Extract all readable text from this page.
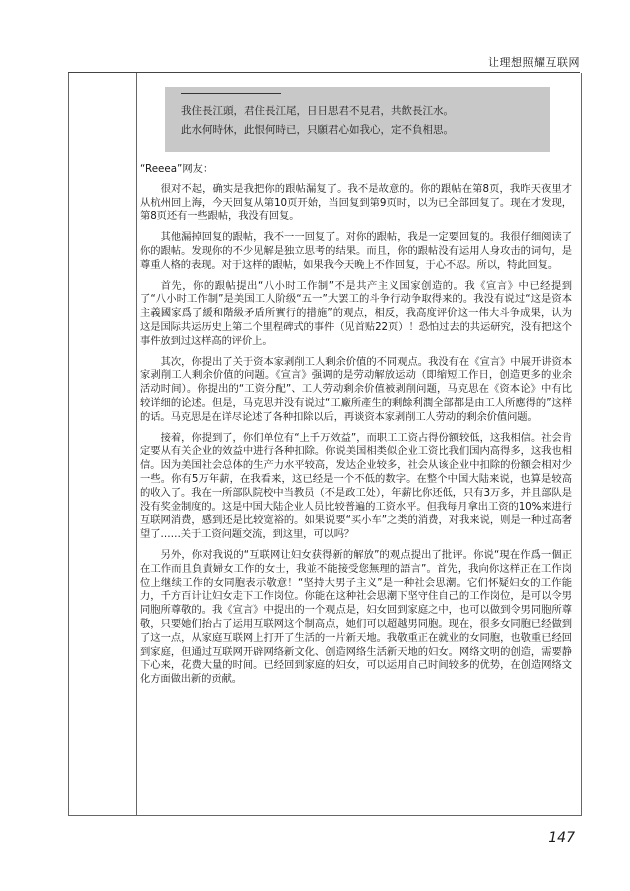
让理想照耀互联网
我住長江頭，君住長江尾，日日思君不見君，共飲長江水。
此水何時休，此恨何時已，只願君心如我心，定不負相思。
“Reeea”网友：

很对不起，确实是我把你的跟帖漏复了。我不是故意的。你的跟帖在第8页，我昨天夜里才从杭州回上海，今天回复从第10页开始，当回复到第9页时，以为已全部回复了。现在才发现，第8页还有一些跟帖，我没有回复。

其他漏掉回复的跟帖，我不一一回复了。对你的跟帖，我是一定要回复的。我很仔细阅读了你的跟帖。发现你的不少见解是独立思考的结果。而且，你的跟帖没有运用人身攻击的词句，是尊重人格的表现。对于这样的跟帖，如果我今天晚上不作回复，于心不忍。所以，特此回复。

首先，你的跟帖提出“八小时工作制”不是共产主义国家创造的。我《宣言》中已经提到了“八小时工作制”是美国工人阶级“五一”大罢工的斗争行动争取得来的。我没有说过“这是资本主義國家爲了緩和階級矛盾所實行的措施”的观点，相反，我高度评价这一伟大斗争成果，认为这是国际共运历史上第二个里程碑式的事件（见首贴22页）！恐怕过去的共运研究，没有把这个事件放到过这样高的评价上。

其次，你提出了关于资本家剥削工人剩余价值的不同观点。我没有在《宣言》中展开讲资本家剥削工人剩余价值的问题。《宣言》强调的是劳动解放运动（即缩短工作日，创造更多的业余活动时间）。你提出的“工资分配”、工人劳动剩余价值被剥削问题，马克思在《资本论》中有比较详细的论述。但是，马克思并没有说过“工廠所產生的剩餘利潤全部都是由工人所應得的”这样的话。马克思是在详尽论述了各种扣除以后，再谈资本家剥削工人劳动的剩余价值问题。

接着，你提到了，你们单位有“上千万效益”，而职工工资占得份额较低，这我相信。社会肯定要从有关企业的效益中进行各种扣除。你说美国相类似企业工资比我们国内高得多，这我也相信。因为美国社会总体的生产力水平较高，发达企业较多，社会从该企业中扣除的份额会相对少一些。你有5万年薪，在我看来，这已经是一个不低的数字。在整个中国大陆来说，也算是较高的收入了。我在一所部队院校中当教员（不是政工处），年薪比你还低，只有3万多，并且部队是没有奖金制度的。这是中国大陆企业人员比较普遍的工资水平。但我每月拿出工资的10%来进行互联网消费，感到还是比较宽裕的。如果说要“买小车”之类的消费，对我来说，则是一种过高奢望了……关于工资问题交流，到这里，可以吗？

另外，你对我说的“互联网让妇女获得新的解放”的观点提出了批评。你说“現在作爲一個正在工作而且負責婦女工作的女士，我並不能接受您無理的語言”。首先，我向你这样正在工作岗位上继续工作的女同胞表示敬意！“坚持大男子主义”是一种社会思潮。它们怀疑妇女的工作能力，千方百计让妇女走下工作岗位。你能在这种社会思潮下坚守住自己的工作岗位，是可以令男同胞所尊敬的。我《宣言》中提出的一个观点是，妇女回到家庭之中，也可以做到令男同胞所尊敬，只要她们抬占了运用互联网这个制高点，她们可以超越男同胞。现在，很多女同胞已经做到了这一点，从家庭互联网上打开了生活的一片新天地。我敬重正在就业的女同胞，也敬重已经回到家庭，但通过互联网开辟网络新文化、创造网络生活新天地的妇女。网络文明的创造，需要静下心来，花费大量的时间。已经回到家庭的妇女，可以运用自己时间较多的优势，在创造网络文化方面做出新的贡献。

147
